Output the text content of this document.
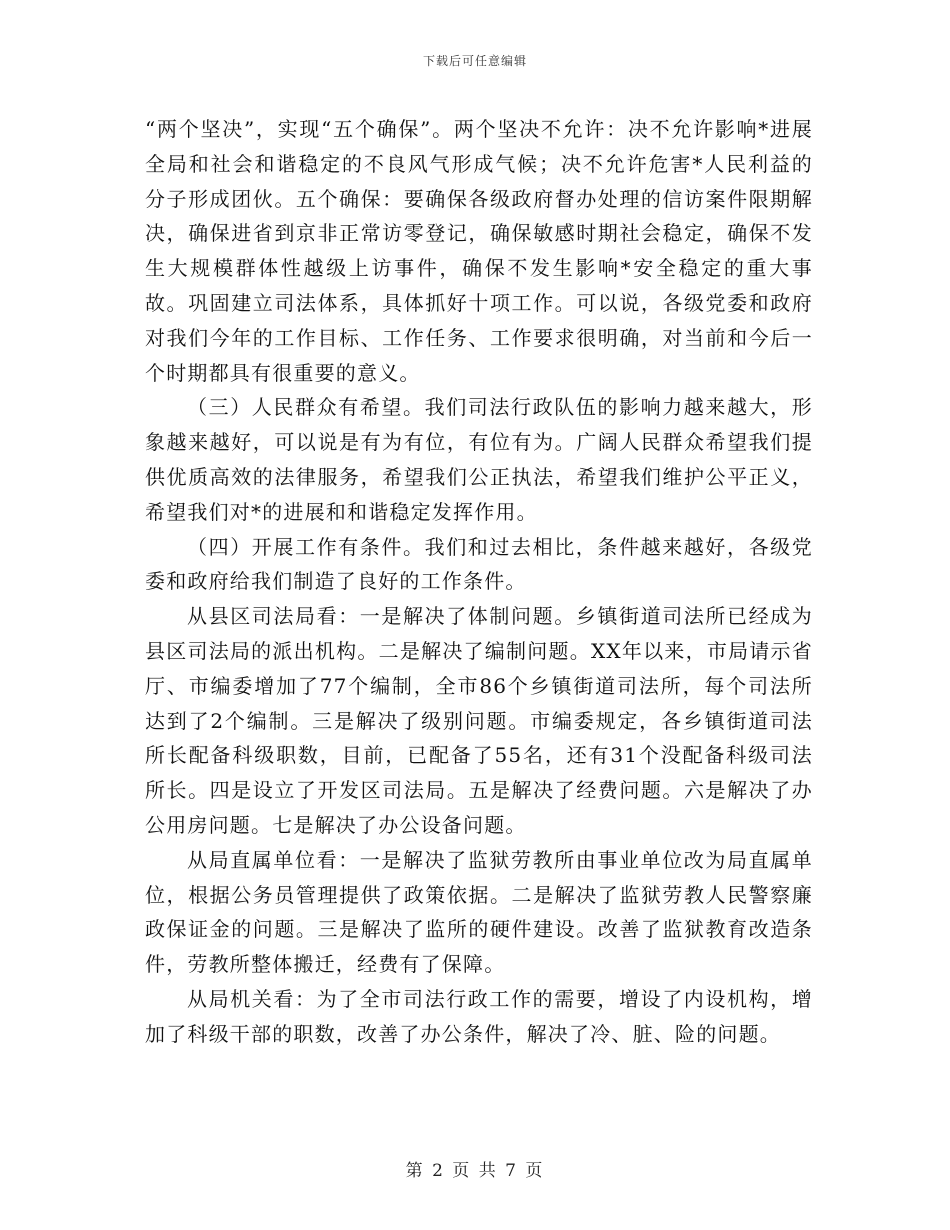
下载后可任意编辑

“两个坚决”，实现“五个确保”。两个坚决不允许：决不允许影响*进展全局和社会和谐稳定的不良风气形成气候；决不允许危害*人民利益的分子形成团伙。五个确保：要确保各级政府督办处理的信访案件限期解决，确保进省到京非正常访零登记，确保敏感时期社会稳定，确保不发生大规模群体性越级上访事件，确保不发生影响*安全稳定的重大事故。巩固建立司法体系，具体抓好十项工作。可以说，各级党委和政府对我们今年的工作目标、工作任务、工作要求很明确，对当前和今后一个时期都具有很重要的意义。

（三）人民群众有希望。我们司法行政队伍的影响力越来越大，形象越来越好，可以说是有为有位，有位有为。广阔人民群众希望我们提供优质高效的法律服务，希望我们公正执法，希望我们维护公平正义，希望我们对*的进展和和谐稳定发挥作用。

（四）开展工作有条件。我们和过去相比，条件越来越好，各级党委和政府给我们制造了良好的工作条件。

从县区司法局看：一是解决了体制问题。乡镇街道司法所已经成为县区司法局的派出机构。二是解决了编制问题。XX年以来，市局请示省厅、市编委增加了77个编制，全市86个乡镇街道司法所，每个司法所达到了2个编制。三是解决了级别问题。市编委规定，各乡镇街道司法所长配备科级职数，目前，已配备了55名，还有31个没配备科级司法所长。四是设立了开发区司法局。五是解决了经费问题。六是解决了办公用房问题。七是解决了办公设备问题。

从局直属单位看：一是解决了监狱劳教所由事业单位改为局直属单位，根据公务员管理提供了政策依据。二是解决了监狱劳教人民警察廉政保证金的问题。三是解决了监所的硬件建设。改善了监狱教育改造条件，劳教所整体搬迁，经费有了保障。

从局机关看：为了全市司法行政工作的需要，增设了内设机构，增加了科级干部的职数，改善了办公条件，解决了冷、脏、险的问题。

第 2 页 共 7 页
